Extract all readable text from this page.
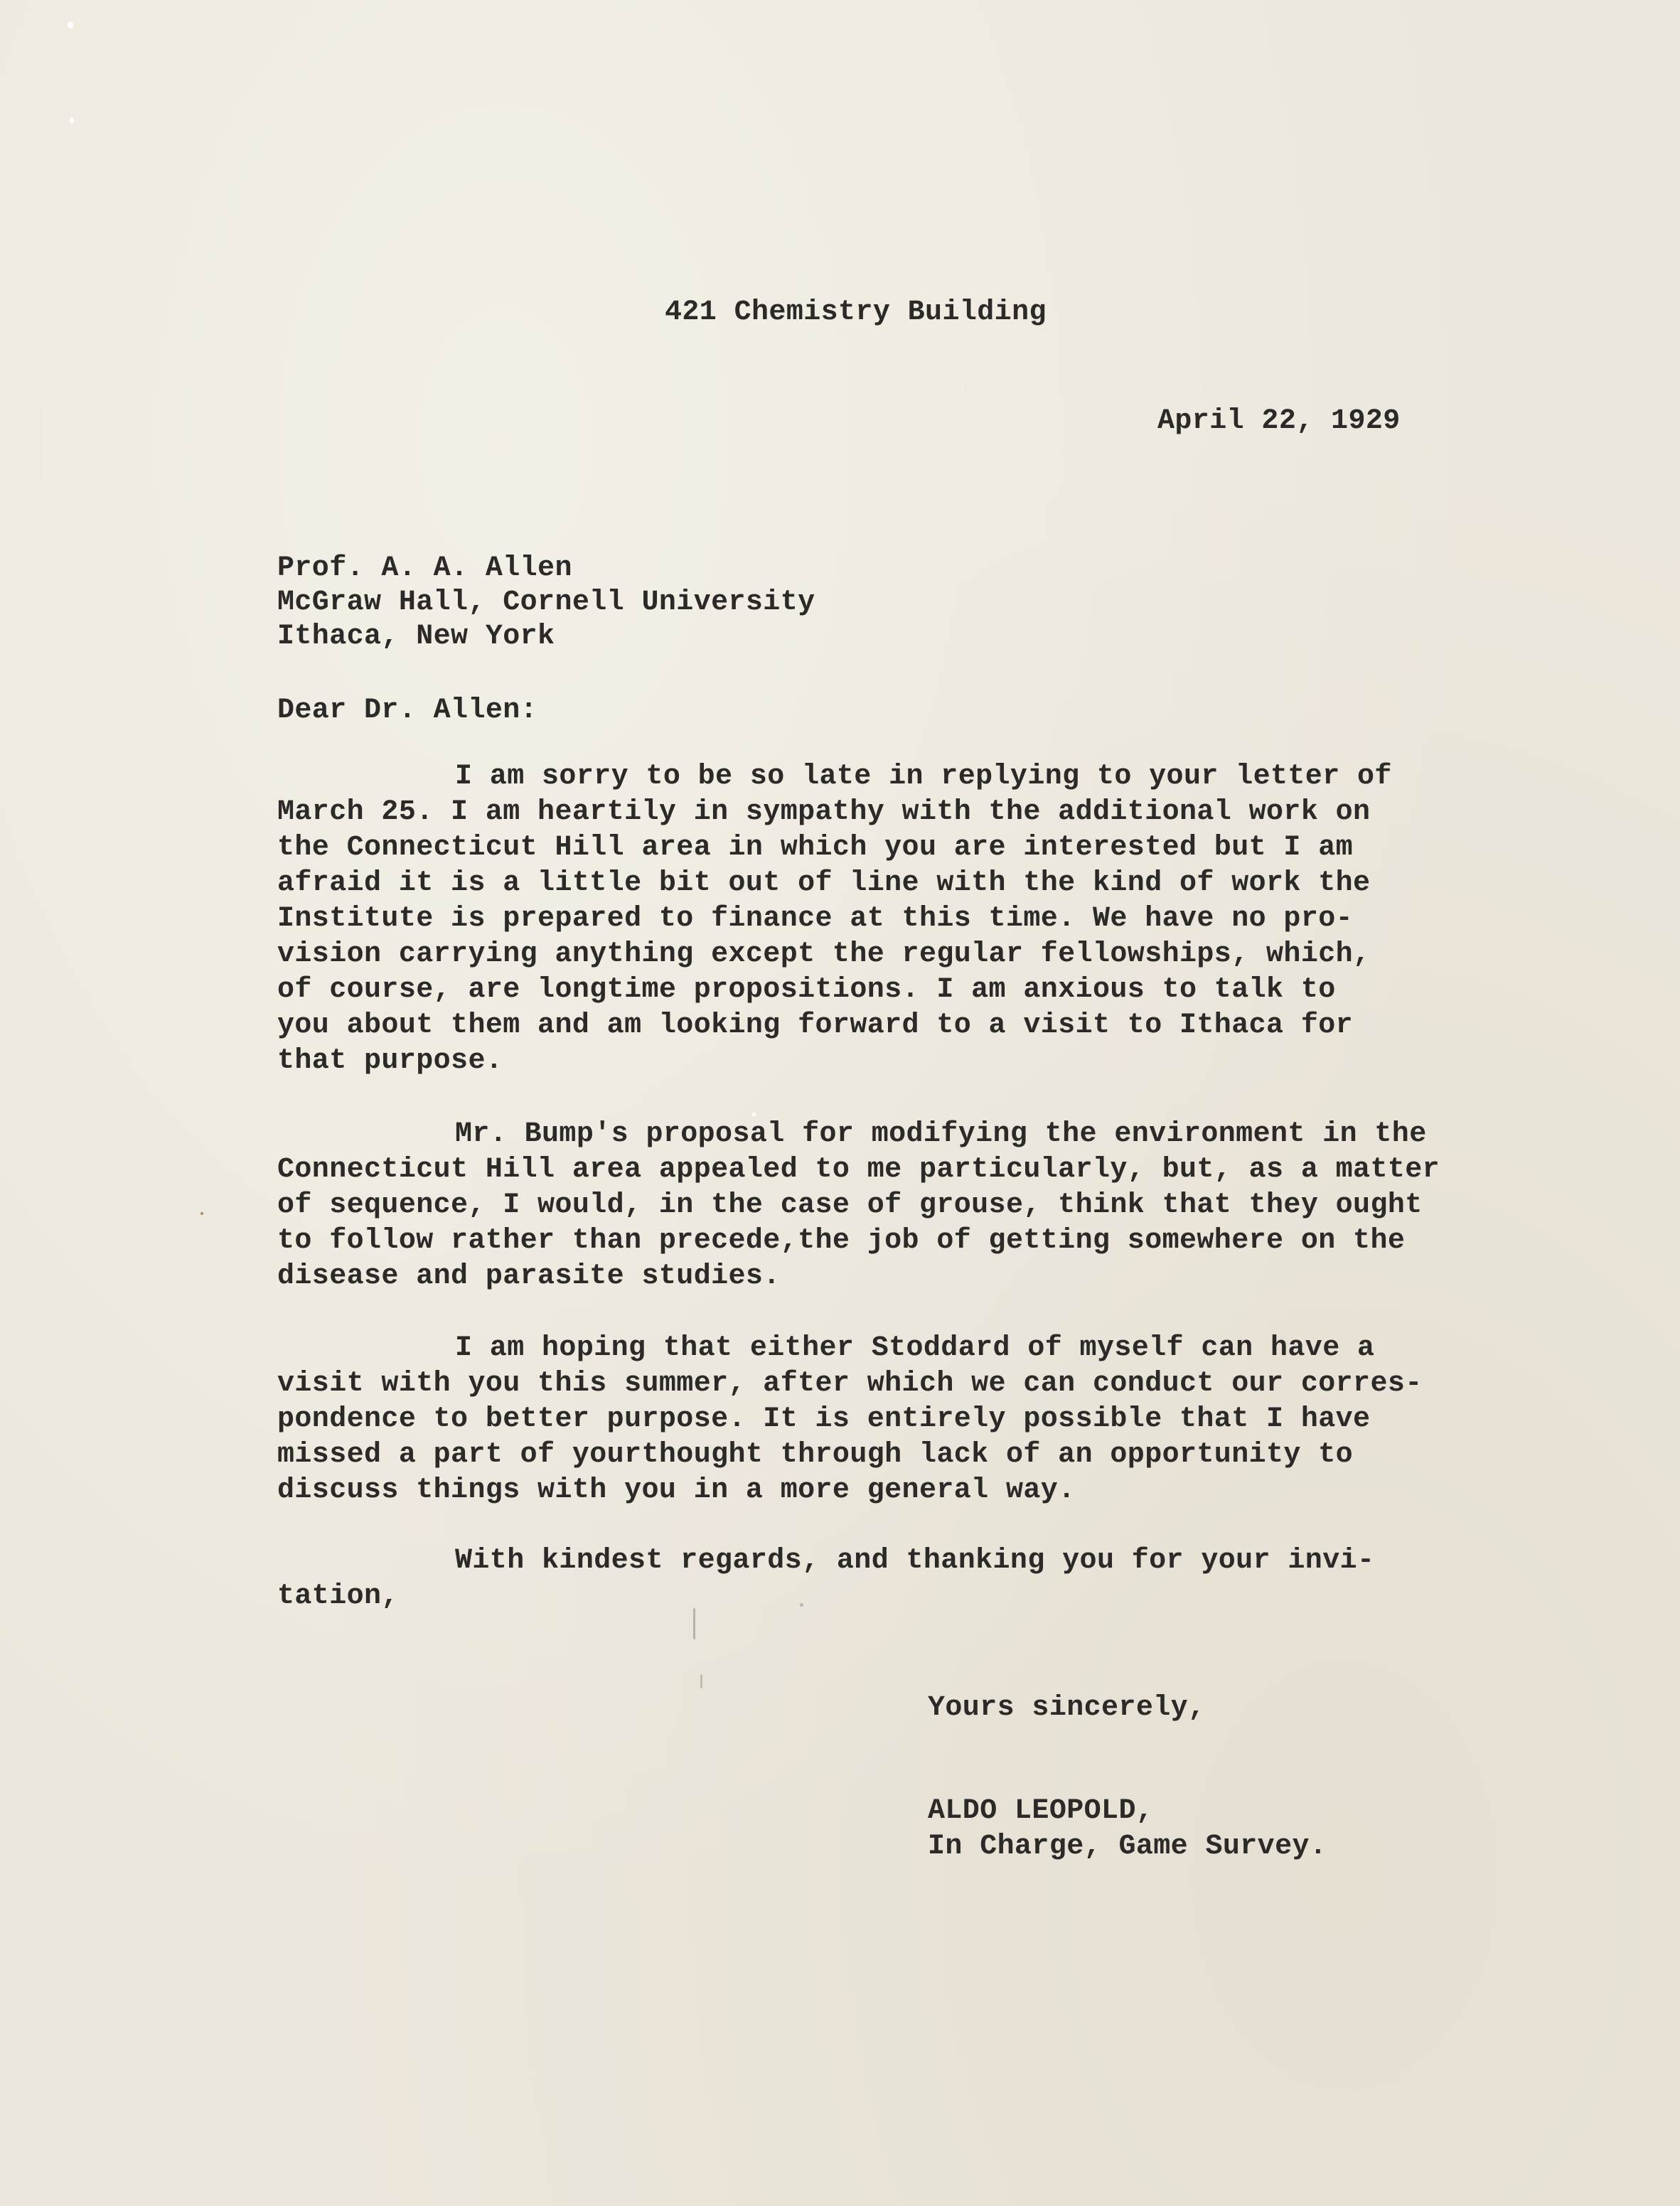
421 Chemistry Building
April 22, 1929
Prof. A. A. Allen
McGraw Hall, Cornell University
Ithaca, New York
Dear Dr. Allen:
I am sorry to be so late in replying to your letter of
March 25. I am heartily in sympathy with the additional work on
the Connecticut Hill area in which you are interested but I am
afraid it is a little bit out of line with the kind of work the
Institute is prepared to finance at this time. We have no pro-
vision carrying anything except the regular fellowships, which,
of course, are longtime propositions. I am anxious to talk to
you about them and am looking forward to a visit to Ithaca for
that purpose.
Mr. Bump's proposal for modifying the environment in the
Connecticut Hill area appealed to me particularly, but, as a matter
of sequence, I would, in the case of grouse, think that they ought
to follow rather than precede,the job of getting somewhere on the
disease and parasite studies.
I am hoping that either Stoddard of myself can have a
visit with you this summer, after which we can conduct our corres-
pondence to better purpose. It is entirely possible that I have
missed a part of yourthought through lack of an opportunity to
discuss things with you in a more general way.
With kindest regards, and thanking you for your invi-
tation,
Yours sincerely,
ALDO LEOPOLD,
In Charge, Game Survey.
